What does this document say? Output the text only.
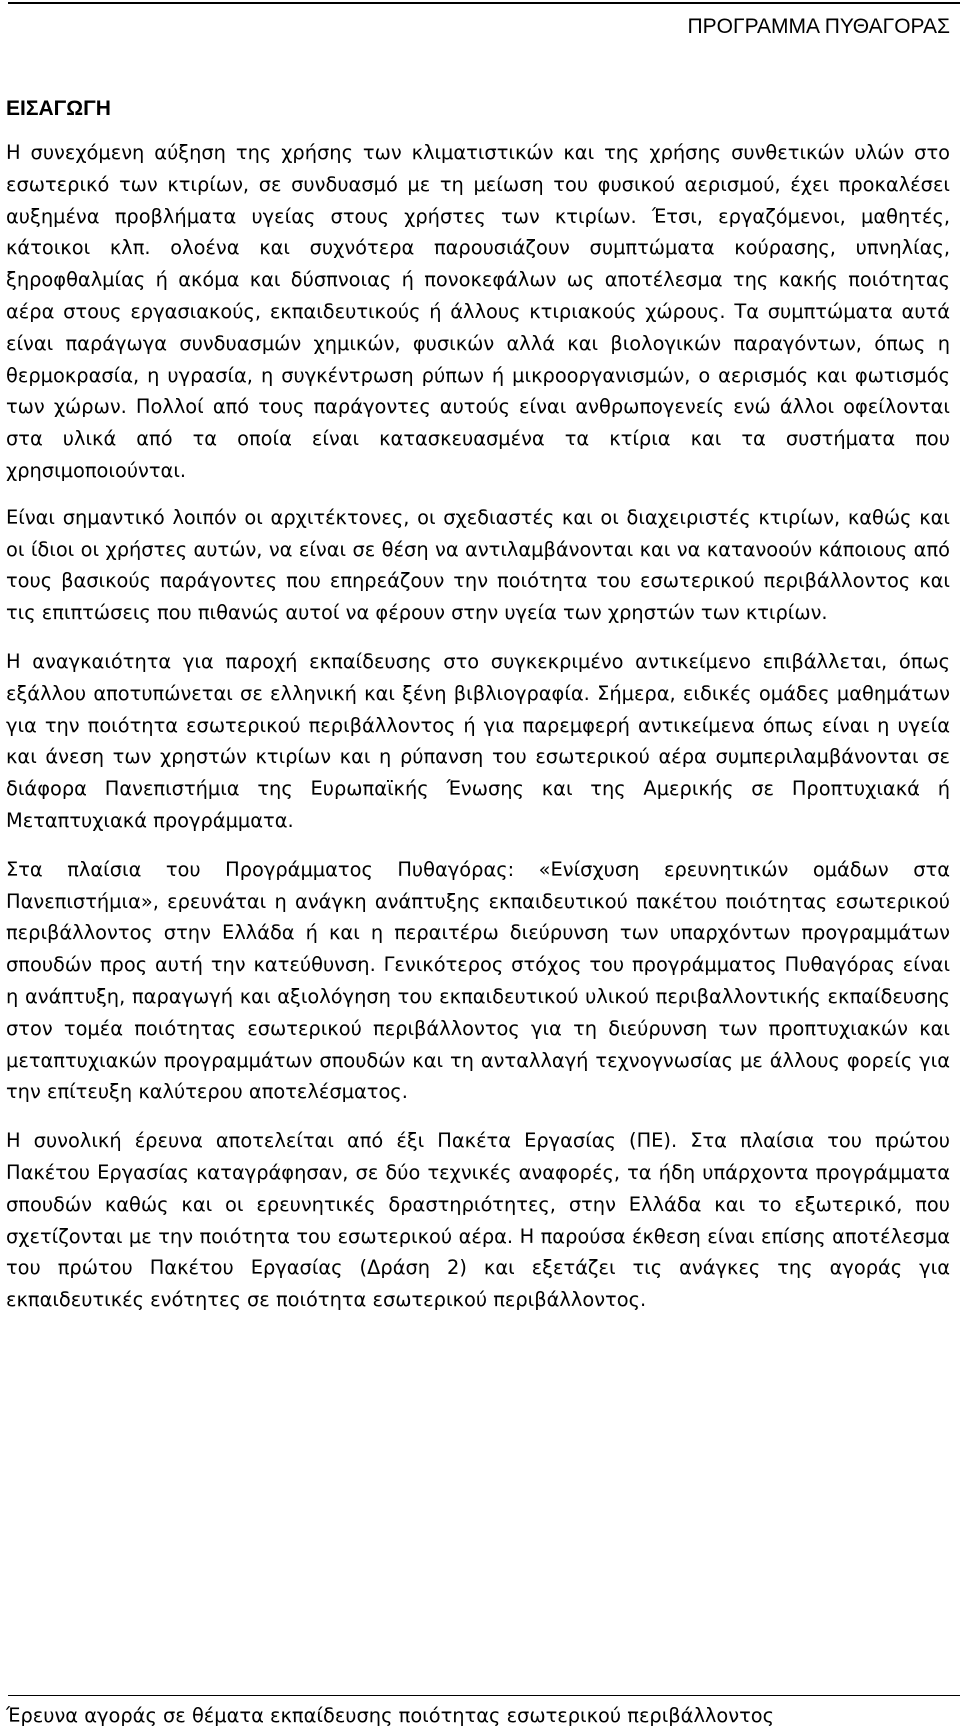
ΠΡΟΓΡΑΜΜΑ ΠΥΘΑΓΟΡΑΣ
ΕΙΣΑΓΩΓΗ

Η συνεχόμενη αύξηση της χρήσης των κλιματιστικών και της χρήσης συνθετικών υλών στο εσωτερικό των κτιρίων, σε συνδυασμό με τη μείωση του φυσικού αερισμού, έχει προκαλέσει αυξημένα προβλήματα υγείας στους χρήστες των κτιρίων. Έτσι, εργαζόμενοι, μαθητές, κάτοικοι κλπ. ολοένα και συχνότερα παρουσιάζουν συμπτώματα κούρασης, υπνηλίας, ξηροφθαλμίας ή ακόμα και δύσπνοιας ή πονοκεφάλων ως αποτέλεσμα της κακής ποιότητας αέρα στους εργασιακούς, εκπαιδευτικούς ή άλλους κτιριακούς χώρους. Τα συμπτώματα αυτά είναι παράγωγα συνδυασμών χημικών, φυσικών αλλά και βιολογικών παραγόντων, όπως η θερμοκρασία, η υγρασία, η συγκέντρωση ρύπων ή μικροοργανισμών, ο αερισμός και φωτισμός των χώρων. Πολλοί από τους παράγοντες αυτούς είναι ανθρωπογενείς ενώ άλλοι οφείλονται στα υλικά από τα οποία είναι κατασκευασμένα τα κτίρια και τα συστήματα που χρησιμοποιούνται.

Είναι σημαντικό λοιπόν οι αρχιτέκτονες, οι σχεδιαστές και οι διαχειριστές κτιρίων, καθώς και οι ίδιοι οι χρήστες αυτών, να είναι σε θέση να αντιλαμβάνονται και να κατανοούν κάποιους από τους βασικούς παράγοντες που επηρεάζουν την ποιότητα του εσωτερικού περιβάλλοντος και τις επιπτώσεις που πιθανώς αυτοί να φέρουν στην υγεία των χρηστών των κτιρίων.

Η αναγκαιότητα για παροχή εκπαίδευσης στο συγκεκριμένο αντικείμενο επιβάλλεται, όπως εξάλλου αποτυπώνεται σε ελληνική και ξένη βιβλιογραφία. Σήμερα, ειδικές ομάδες μαθημάτων για την ποιότητα εσωτερικού περιβάλλοντος ή για παρεμφερή αντικείμενα όπως είναι η υγεία και άνεση των χρηστών κτιρίων και η ρύπανση του εσωτερικού αέρα συμπεριλαμβάνονται σε διάφορα Πανεπιστήμια της Ευρωπαϊκής Ένωσης και της Αμερικής σε Προπτυχιακά ή Μεταπτυχιακά προγράμματα.

Στα πλαίσια του Προγράμματος Πυθαγόρας: «Ενίσχυση ερευνητικών ομάδων στα Πανεπιστήμια», ερευνάται η ανάγκη ανάπτυξης εκπαιδευτικού πακέτου ποιότητας εσωτερικού περιβάλλοντος στην Ελλάδα ή και η περαιτέρω διεύρυνση των υπαρχόντων προγραμμάτων σπουδών προς αυτή την κατεύθυνση. Γενικότερος στόχος του προγράμματος Πυθαγόρας είναι η ανάπτυξη, παραγωγή και αξιολόγηση του εκπαιδευτικού υλικού περιβαλλοντικής εκπαίδευσης στον τομέα ποιότητας εσωτερικού περιβάλλοντος για τη διεύρυνση των προπτυχιακών και μεταπτυχιακών προγραμμάτων σπουδών και τη ανταλλαγή τεχνογνωσίας με άλλους φορείς για την επίτευξη καλύτερου αποτελέσματος.

Η συνολική έρευνα αποτελείται από έξι Πακέτα Εργασίας (ΠΕ). Στα πλαίσια του πρώτου Πακέτου Εργασίας καταγράφησαν, σε δύο τεχνικές αναφορές, τα ήδη υπάρχοντα προγράμματα σπουδών καθώς και οι ερευνητικές δραστηριότητες, στην Ελλάδα και το εξωτερικό, που σχετίζονται με την ποιότητα του εσωτερικού αέρα. Η παρούσα έκθεση είναι επίσης αποτέλεσμα του πρώτου Πακέτου Εργασίας (Δράση 2) και εξετάζει τις ανάγκες της αγοράς για εκπαιδευτικές ενότητες σε ποιότητα εσωτερικού περιβάλλοντος.

Έρευνα αγοράς σε θέματα εκπαίδευσης ποιότητας εσωτερικού περιβάλλοντος
